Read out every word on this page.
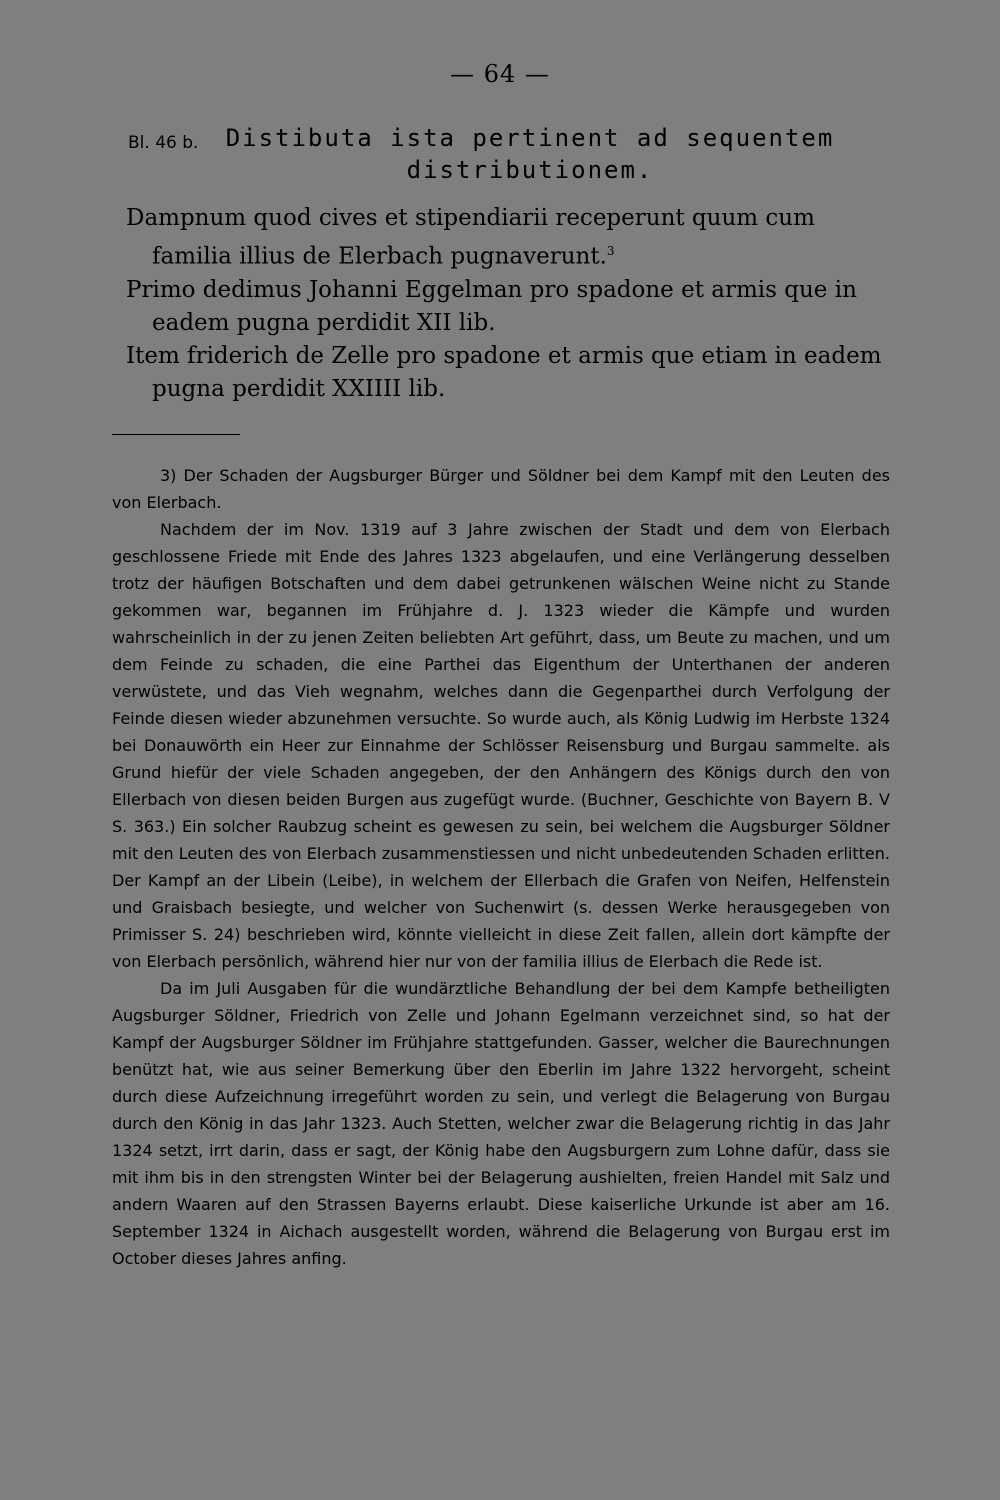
— 64 —
Bl. 46 b.	Distibuta ista pertinent ad sequentem
distributionem.

Dampnum quod cives et stipendiarii receperunt quum cum familia illius de Elerbach pugnaverunt.$^3$

Primo dedimus Johanni Eggelman pro spadone et armis que in eadem pugna perdidit XII lib.

Item friderich de Zelle pro spadone et armis que etiam in eadem pugna perdidit XXIIII lib.

3) Der Schaden der Augsburger Bürger und Söldner bei dem Kampf mit den Leuten des von Elerbach.

Nachdem der im Nov. 1319 auf 3 Jahre zwischen der Stadt und dem von Elerbach geschlossene Friede mit Ende des Jahres 1323 abgelaufen, und eine Verlängerung desselben trotz der häufigen Botschaften und dem dabei getrunkenen wälschen Weine nicht zu Stande gekommen war, begannen im Frühjahre d. J. 1323 wieder die Kämpfe und wurden wahrscheinlich in der zu jenen Zeiten beliebten Art geführt, dass, um Beute zu machen, und um dem Feinde zu schaden, die eine Parthei das Eigenthum der Unterthanen der anderen verwüstete, und das Vieh wegnahm, welches dann die Gegenparthei durch Verfolgung der Feinde diesen wieder abzunehmen versuchte. So wurde auch, als König Ludwig im Herbste 1324 bei Donauwörth ein Heer zur Einnahme der Schlösser Reisensburg und Burgau sammelte. als Grund hiefür der viele Schaden angegeben, der den Anhängern des Königs durch den von Ellerbach von diesen beiden Burgen aus zugefügt wurde. (Buchner, Geschichte von Bayern B. V S. 363.) Ein solcher Raubzug scheint es gewesen zu sein, bei welchem die Augsburger Söldner mit den Leuten des von Elerbach zusammenstiessen und nicht unbedeutenden Schaden erlitten. Der Kampf an der Libein (Leibe), in welchem der Ellerbach die Grafen von Neifen, Helfenstein und Graisbach besiegte, und welcher von Suchenwirt (s. dessen Werke herausgegeben von Primisser S. 24) beschrieben wird, könnte vielleicht in diese Zeit fallen, allein dort kämpfte der von Elerbach persönlich, während hier nur von der familia illius de Elerbach die Rede ist.

Da im Juli Ausgaben für die wundärztliche Behandlung der bei dem Kampfe betheiligten Augsburger Söldner, Friedrich von Zelle und Johann Egelmann verzeichnet sind, so hat der Kampf der Augsburger Söldner im Frühjahre stattgefunden. Gasser, welcher die Baurechnungen benützt hat, wie aus seiner Bemerkung über den Eberlin im Jahre 1322 hervorgeht, scheint durch diese Aufzeichnung irregeführt worden zu sein, und verlegt die Belagerung von Burgau durch den König in das Jahr 1323. Auch Stetten, welcher zwar die Belagerung richtig in das Jahr 1324 setzt, irrt darin, dass er sagt, der König habe den Augsburgern zum Lohne dafür, dass sie mit ihm bis in den strengsten Winter bei der Belagerung aushielten, freien Handel mit Salz und andern Waaren auf den Strassen Bayerns erlaubt. Diese kaiserliche Urkunde ist aber am 16. September 1324 in Aichach ausgestellt worden, während die Belagerung von Burgau erst im October dieses Jahres anfing.
